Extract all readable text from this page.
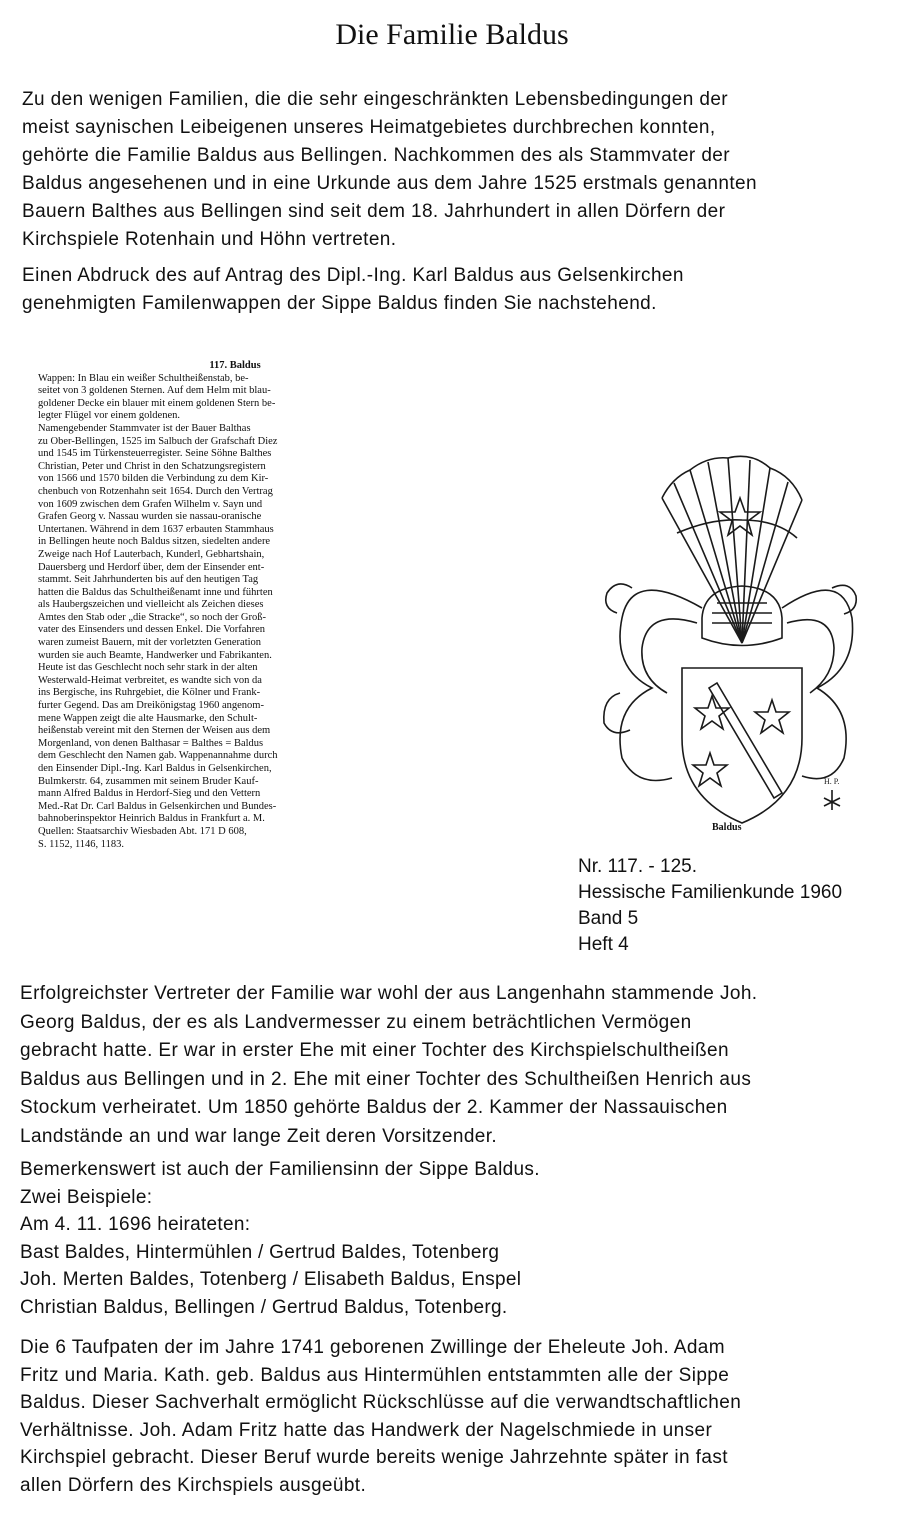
Die Familie Baldus
Zu den wenigen Familien, die die sehr eingeschränkten Lebensbedingungen der
meist saynischen Leibeigenen unseres Heimatgebietes durchbrechen konnten,
gehörte die Familie Baldus aus Bellingen. Nachkommen des als Stammvater der
Baldus angesehenen und in eine Urkunde aus dem Jahre 1525 erstmals genannten
Bauern Balthes aus Bellingen sind seit dem 18. Jahrhundert in allen Dörfern der
Kirchspiele Rotenhain und Höhn vertreten.
Einen Abdruck des auf Antrag des Dipl.-Ing. Karl Baldus aus Gelsenkirchen
genehmigten Familenwappen der Sippe Baldus finden Sie nachstehend.
117. Baldus
Wappen: In Blau ein weißer Schultheißenstab, be-
seitet von 3 goldenen Sternen. Auf dem Helm mit blau-
goldener Decke ein blauer mit einem goldenen Stern be-
legter Flügel vor einem goldenen.
Namengebender Stammvater ist der Bauer Balthas
zu Ober-Bellingen, 1525 im Salbuch der Grafschaft Diez
und 1545 im Türkensteuerregister. Seine Söhne Balthes
Christian, Peter und Christ in den Schatzungsregistern
von 1566 und 1570 bilden die Verbindung zu dem Kir-
chenbuch von Rotzenhahn seit 1654. Durch den Vertrag
von 1609 zwischen dem Grafen Wilhelm v. Sayn und
Grafen Georg v. Nassau wurden sie nassau-oranische
Untertanen. Während in dem 1637 erbauten Stammhaus
in Bellingen heute noch Baldus sitzen, siedelten andere
Zweige nach Hof Lauterbach, Kunderl, Gebhartshain,
Dauersberg und Herdorf über, dem der Einsender ent-
stammt. Seit Jahrhunderten bis auf den heutigen Tag
hatten die Baldus das Schultheißenamt inne und führten
als Haubergszeichen und vielleicht als Zeichen dieses
Amtes den Stab oder „die Stracke“, so noch der Groß-
vater des Einsenders und dessen Enkel. Die Vorfahren
waren zumeist Bauern, mit der vorletzten Generation
wurden sie auch Beamte, Handwerker und Fabrikanten.
Heute ist das Geschlecht noch sehr stark in der alten
Westerwald-Heimat verbreitet, es wandte sich von da
ins Bergische, ins Ruhrgebiet, die Kölner und Frank-
furter Gegend. Das am Dreikönigstag 1960 angenom-
mene Wappen zeigt die alte Hausmarke, den Schult-
heißenstab vereint mit den Sternen der Weisen aus dem
Morgenland, von denen Balthasar = Balthes = Baldus
dem Geschlecht den Namen gab. Wappenannahme durch
den Einsender Dipl.-Ing. Karl Baldus in Gelsenkirchen,
Bulmkerstr. 64, zusammen mit seinem Bruder Kauf-
mann Alfred Baldus in Herdorf-Sieg und den Vettern
Med.-Rat Dr. Carl Baldus in Gelsenkirchen und Bundes-
bahnoberinspektor Heinrich Baldus in Frankfurt a. M.
Quellen: Staatsarchiv Wiesbaden Abt. 171 D 608,
S. 1152, 1146, 1183.
H. P.
Baldus
Nr. 117. - 125.
Hessische Familienkunde 1960
Band 5
Heft 4
Erfolgreichster Vertreter der Familie war wohl der aus Langenhahn stammende Joh.
Georg Baldus, der es als Landvermesser zu einem beträchtlichen Vermögen
gebracht hatte. Er war in erster Ehe mit einer Tochter des Kirchspielschultheißen
Baldus aus Bellingen und in 2. Ehe mit einer Tochter des Schultheißen Henrich aus
Stockum verheiratet. Um 1850 gehörte Baldus der 2. Kammer der Nassauischen
Landstände an und war lange Zeit deren Vorsitzender.
Bemerkenswert ist auch der Familiensinn der Sippe Baldus.
Zwei Beispiele:
Am 4. 11. 1696 heirateten:
Bast Baldes, Hintermühlen / Gertrud Baldes, Totenberg
Joh. Merten Baldes, Totenberg / Elisabeth Baldus, Enspel
Christian Baldus, Bellingen / Gertrud Baldus, Totenberg.
Die 6 Taufpaten der im Jahre 1741 geborenen Zwillinge der Eheleute Joh. Adam
Fritz und Maria. Kath. geb. Baldus aus Hintermühlen entstammten alle der Sippe
Baldus. Dieser Sachverhalt ermöglicht Rückschlüsse auf die verwandtschaftlichen
Verhältnisse. Joh. Adam Fritz hatte das Handwerk der Nagelschmiede in unser
Kirchspiel gebracht. Dieser Beruf wurde bereits wenige Jahrzehnte später in fast
allen Dörfern des Kirchspiels ausgeübt.
